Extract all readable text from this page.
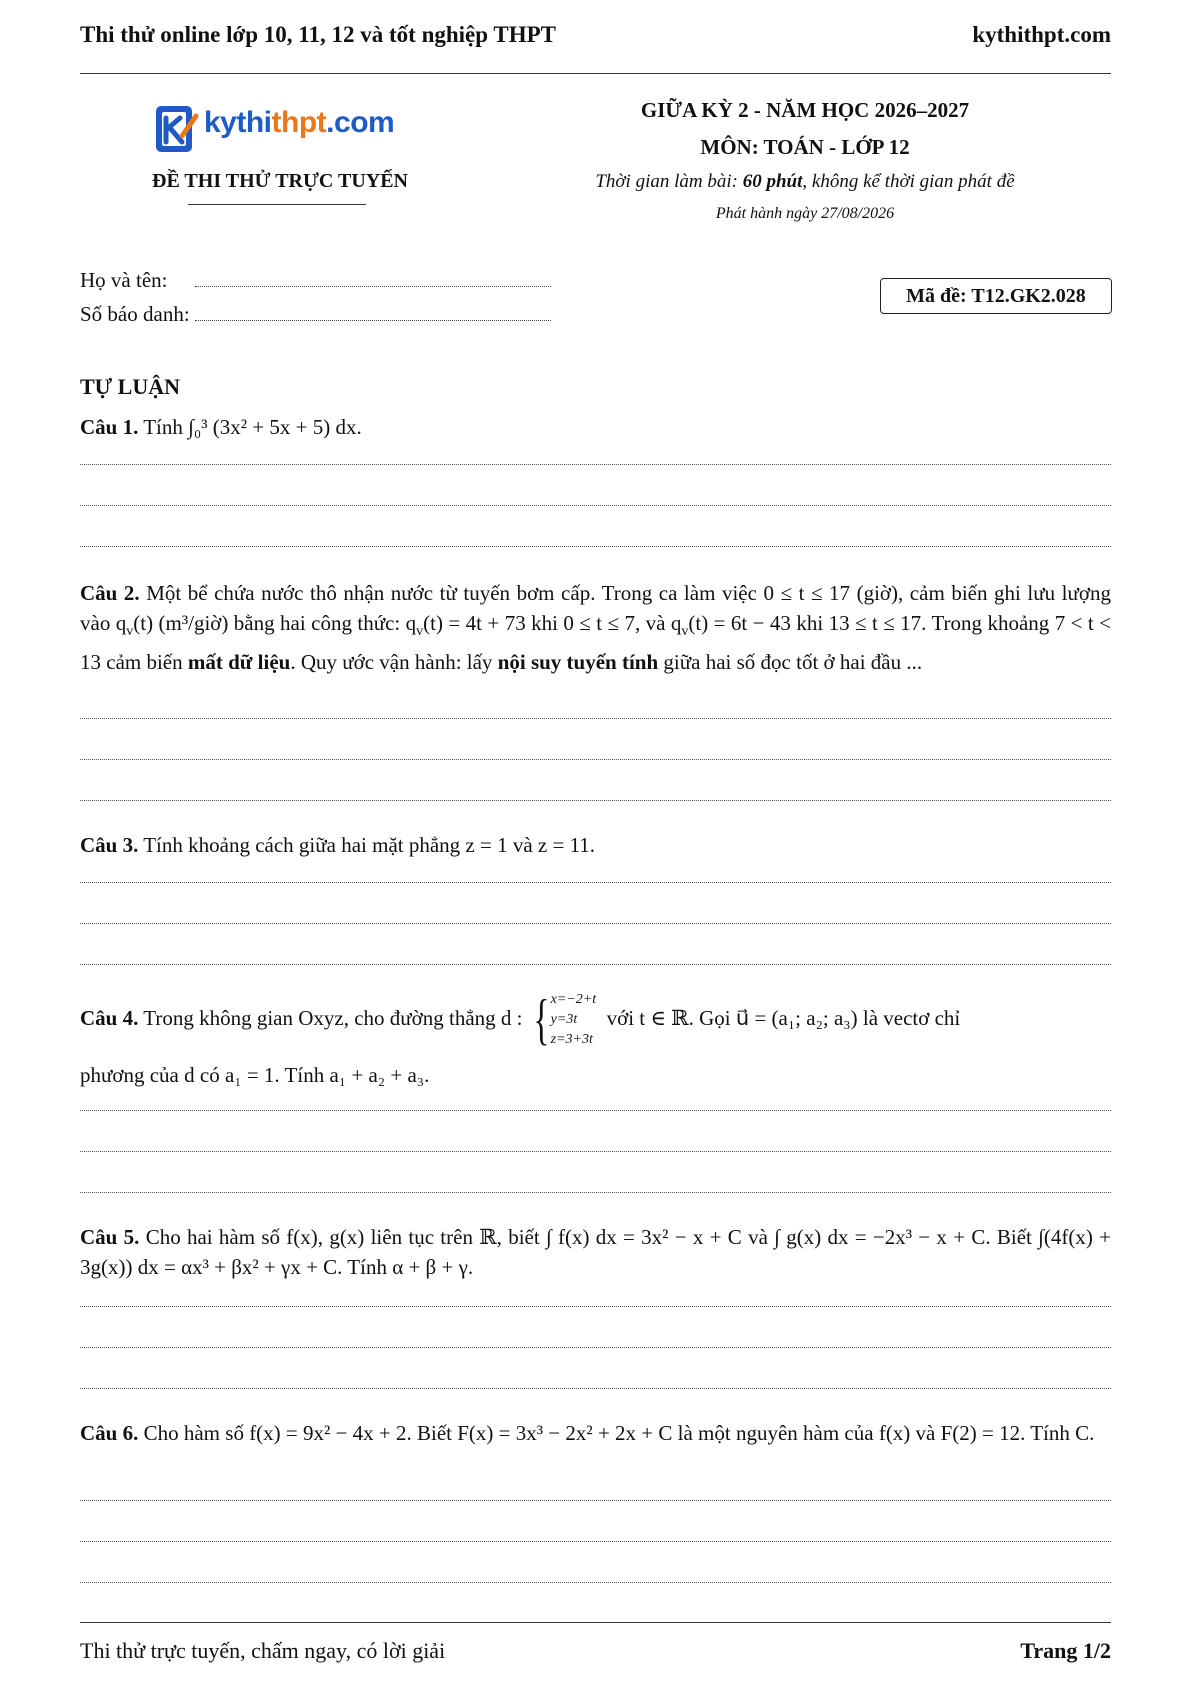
Thi thử online lớp 10, 11, 12 và tốt nghiệp THPT	kythithpt.com
kythithpt.com
ĐỀ THI THỬ TRỰC TUYẾN
GIỮA KỲ 2 - NĂM HỌC 2026–2027
MÔN: TOÁN - LỚP 12
Thời gian làm bài: 60 phút, không kể thời gian phát đề
Phát hành ngày 27/08/2026
Họ và tên:
Số báo danh:
Mã đề: T12.GK2.028
TỰ LUẬN
Câu 1. Tính ∫₀³ (3x² + 5x + 5) dx.
Câu 2. Một bể chứa nước thô nhận nước từ tuyến bơm cấp. Trong ca làm việc 0 ≤ t ≤ 17 (giờ), cảm biến ghi lưu lượng vào $q_v(t)$ (m³/giờ) bằng hai công thức: $q_v(t) = 4t + 73$ khi 0 ≤ t ≤ 7, và $q_v(t) = 6t - 43$ khi 13 ≤ t ≤ 17. Trong khoảng 7 < t < 13 cảm biến mất dữ liệu. Quy ước vận hành: lấy nội suy tuyến tính giữa hai số đọc tốt ở hai đầu ...
Câu 3. Tính khoảng cách giữa hai mặt phẳng z = 1 và z = 11.
Câu 4. Trong không gian Oxyz, cho đường thẳng d : {x=−2+t
y=3t
z=3+3t  với t ∈ ℝ. Gọi u⃗ = (a₁; a₂; a₃) là vectơ chỉ
phương của d có a₁ = 1. Tính a₁ + a₂ + a₃.
Câu 5. Cho hai hàm số f(x), g(x) liên tục trên ℝ, biết ∫ f(x) dx = 3x² − x + C và ∫ g(x) dx = −2x³ − x + C. Biết ∫(4f(x) + 3g(x)) dx = αx³ + βx² + γx + C. Tính α + β + γ.
Câu 6. Cho hàm số f(x) = 9x² − 4x + 2. Biết F(x) = 3x³ − 2x² + 2x + C là một nguyên hàm của f(x) và F(2) = 12. Tính C.
Thi thử trực tuyến, chấm ngay, có lời giải	Trang 1/2
